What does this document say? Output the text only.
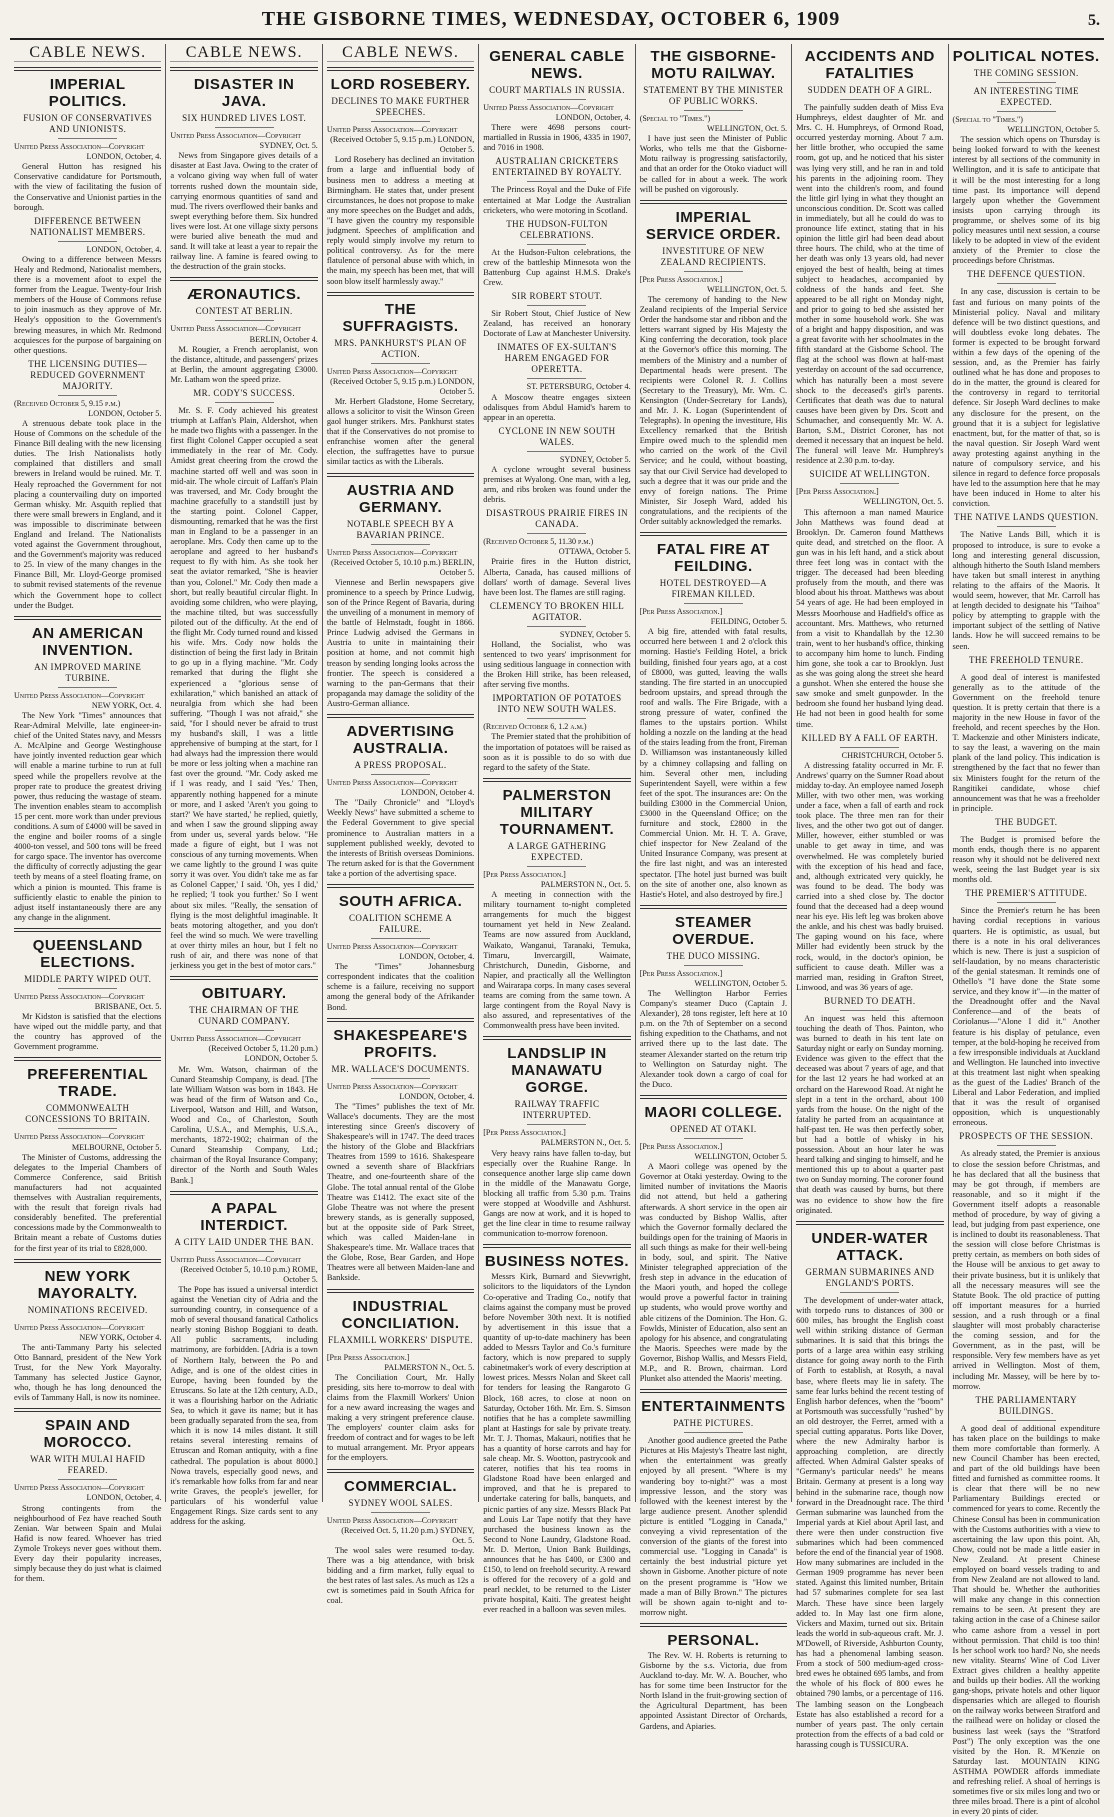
THE GISBORNE TIMES, WEDNESDAY, OCTOBER 6, 1909	5.
CABLE NEWS.
IMPERIAL POLITICS.
FUSION OF CONSERVATIVES AND UNIONISTS.
United Press Association—Copyright
LONDON, October, 4.

General Hutton has resigned his Conservative candidature for Portsmouth, with the view of facilitating the fusion of the Conservative and Unionist parties in the borough.

DIFFERENCE BETWEEN NATIONALIST MEMBERS.
LONDON, October, 4.

Owing to a difference between Messrs Healy and Redmond, Nationalist members, there is a movement afoot to expel the former from the League. Twenty-four Irish members of the House of Commons refuse to join inasmuch as they approve of Mr. Healy's opposition to the Government's brewing measures, in which Mr. Redmond acquiesces for the purpose of bargaining on other questions.

THE LICENSING DUTIES—REDUCED GOVERNMENT MAJORITY.
(Received October 5, 9.15 p.m.)
LONDON, October 5.

A strenuous debate took place in the House of Commons on the schedule of the Finance Bill dealing with the new licensing duties. The Irish Nationalists hotly complained that distillers and small brewers in Ireland would be ruined. Mr. T. Healy reproached the Government for not placing a countervailing duty on imported German whisky. Mr. Asquith replied that there were small brewers in England, and it was impossible to discriminate between England and Ireland. The Nationalists voted against the Government throughout, and the Government's majority was reduced to 25. In view of the many changes in the Finance Bill, Mr. Lloyd-George promised to submit revised statements of the revenue which the Government hope to collect under the Budget.

AN AMERICAN INVENTION.
AN IMPROVED MARINE TURBINE.
United Press Association—Copyright
NEW YORK, Oct. 4.

The New York "Times" announces that Rear-Admiral Melville, late engineer-in-chief of the United States navy, and Messrs A. McAlpine and George Westinghouse have jointly invented reduction gear which will enable a marine turbine to run at full speed while the propellers revolve at the proper rate to produce the greatest driving power, thus reducing the wastage of steam. The invention enables steam to accomplish 15 per cent. more work than under previous conditions. A sum of £4000 will be saved in the engine and boiler rooms of a single 4000-ton vessel, and 500 tons will be freed for cargo space. The inventor has overcome the difficulty of correctly adjusting the gear teeth by means of a steel floating frame, on which a pinion is mounted. This frame is sufficiently elastic to enable the pinion to adjust itself instantaneously there are any any change in the alignment.

QUEENSLAND ELECTIONS.
MIDDLE PARTY WIPED OUT.
United Press Association—Copyright
BRISBANE, Oct. 5.

Mr Kidston is satisfied that the elections have wiped out the middle party, and that the country has approved of the Government programme.

PREFERENTIAL TRADE.
COMMONWEALTH CONCESSIONS TO BRITAIN.
United Press Association—Copyright
MELBOURNE, October 5.

The Minister of Customs, addressing the delegates to the Imperial Chambers of Commerce Conference, said British manufacturers had not acquainted themselves with Australian requirements, with the result that foreign rivals had considerably benefited. The preferential concessions made by the Commonwealth to Britain meant a rebate of Customs duties for the first year of its trial to £828,000.

NEW YORK MAYORALTY.
NOMINATIONS RECEIVED.
United Press Association—Copyright
NEW YORK, October 4.

The anti-Tammany Party his selected Otto Bannard, president of the New York Trust, for the New York Mayoralty. Tammany has selected Justice Gaynor, who, though he has long denounced the evils of Tammany Hall, is now its nominee.

SPAIN AND MOROCCO.
WAR WITH MULAI HAFID FEARED.
United Press Association—Copyright
LONDON, October, 4.

Strong contingents from the neighbourhood of Fez have reached South Zenian. War between Spain and Mulai Hafid is now feared. Whoever has tried Zymole Trokeys never goes without them. Every day their popularity increases, simply because they do just what is claimed for them.

CABLE NEWS.
DISASTER IN JAVA.
SIX HUNDRED LIVES LOST.
United Press Association—Copyright
SYDNEY, Oct. 5.

News from Singapore gives details of a disaster at East Java. Owing to the crater of a volcano giving way when full of water torrents rushed down the mountain side, carrying enormous quantities of sand and mud. The rivers overflowed their banks and swept everything before them. Six hundred lives were lost. At one village sixty persons were buried alive beneath the mud and sand. It will take at least a year to repair the railway line. A famine is feared owing to the destruction of the grain stocks.

ÆRONAUTICS.
CONTEST AT BERLIN.
United Press Association—Copyright
BERLIN, October 4.

M. Rougier, a French aeroplanist, won the distance, altitude, and passengers' prizes at Berlin, the amount aggregating £3000. Mr. Latham won the speed prize.

MR. CODY'S SUCCESS.

Mr. S. F. Cody achieved his greatest triumph at Laffan's Plain, Aldershot, when he made two flights with a passenger. In the first flight Colonel Capper occupied a seat immediately in the rear of Mr. Cody. Amidst great cheering from the crowd the machine started off well and was soon in mid-air. The whole circuit of Laffan's Plain was traversed, and Mr. Cody brought the machine gracefully to a standstill just by the starting point. Colonel Capper, dismounting, remarked that he was the first man in England to be a passenger in an aeroplane. Mrs. Cody then came up to the aeroplane and agreed to her husband's request to fly with him. As she took her seat the aviator remarked, "She is heavier than you, Colonel." Mr. Cody then made a short, but really beautiful circular flight. In avoiding some children, who were playing, the machine tilted, but was successfully piloted out of the difficulty. At the end of the flight Mr. Cody turned round and kissed his wife. Mrs. Cody now holds the distinction of being the first lady in Britain to go up in a flying machine. "Mr. Cody remarked that during the flight she experienced a "glorious sense of exhilaration," which banished an attack of neuralgia from which she had been suffering. "Though I was not afraid," she said, "for I should never be afraid to trust my husband's skill, I was a little apprehensive of bumping at the start, for I had always had the impression there would be more or less jolting when a machine ran fast over the ground. "Mr. Cody asked me if I was ready, and I said 'Yes.' Then, apparently nothing happened for a minute or more, and I asked 'Aren't you going to start?' We have started,' he replied, quietly, and when I saw the ground slipping away from under us, several yards below. "He made a figure of eight, but I was not conscious of any turning movements. When we came lightly to the ground I was quite sorry it was over. You didn't take me as far as Colonel Capper,' I said. 'Oh, yes I did,' he replied; 'I took you further.' So I went about six miles. "Really, the sensation of flying is the most delightful imaginable. It beats motoring altogether, and you don't feel the wind so much. We were travelling at over thirty miles an hour, but I felt no rush of air, and there was none of that jerkiness you get in the best of motor cars."

OBITUARY.
THE CHAIRMAN OF THE CUNARD COMPANY.
United Press Association—Copyright
(Received October 5, 11.20 p.m.) LONDON, October 5.

Mr. Wm. Watson, chairman of the Cunard Steamship Company, is dead. [The late William Watson was born in 1843. He was head of the firm of Watson and Co., Liverpool, Watson and Hill, and Watson, Wood and Co., of Charleston, South Carolina, U.S.A., and Memphis, U.S.A., merchants, 1872-1902; chairman of the Cunard Steamship Company, Ltd.; chairman of the Royal Insurance Company; director of the North and South Wales Bank.]

A PAPAL INTERDICT.
A CITY LAID UNDER THE BAN.
United Press Association—Copyright
(Received October 5, 10.10 p.m.) ROME, October 5.

The Pope has issued a universal interdict against the Venetian city of Adria and the surrounding country, in consequence of a mob of several thousand fanatical Catholics nearly stoning Bishop Boggiani to death. All public sacraments, including matrimony, are forbidden. [Adria is a town of Northern Italy, between the Po and Adige, and is one of the oldest cities in Europe, having been founded by the Etruscans. So late at the 12th century, A.D., it was a flourishing harbor on the Adriatic Sea, to which it gave its name; but it has been gradually separated from the sea, from which it is now 14 miles distant. It still retains several interesting remains of Etruscan and Roman antiquity, with a fine cathedral. The population is about 8000.] Nowa travels, especially good news, and it's remarkable how folks from far and near write Graves, the people's jeweller, for particulars of his wonderful value Engagement Rings. Size cards sent to any address for the asking.

CABLE NEWS.
LORD ROSEBERY.
DECLINES TO MAKE FURTHER SPEECHES.
United Press Association—Copyright
(Received October 5, 9.15 p.m.) LONDON, October 5.

Lord Rosebery has declined an invitation from a large and influential body of business men to address a meeting at Birmingham. He states that, under present circumstances, he does not propose to make any more speeches on the Budget and adds, "I have given the country my responsible judgment. Speeches of amplification and reply would simply involve my return to political controversy. As for the mere flatulence of personal abuse with which, in the main, my speech has been met, that will soon blow itself harmlessly away."

THE SUFFRAGISTS.
MRS. PANKHURST'S PLAN OF ACTION.
United Press Association—Copyright
(Received October 5, 9.15 p.m.) LONDON, October 5.

Mr. Herbert Gladstone, Home Secretary, allows a solicitor to visit the Winson Green gaol hunger strikers. Mrs. Pankhurst states that if the Conservatives do not promise to enfranchise women after the general election, the suffragettes have to pursue similar tactics as with the Liberals.

AUSTRIA AND GERMANY.
NOTABLE SPEECH BY A BAVARIAN PRINCE.
United Press Association—Copyright
(Received October 5, 10.10 p.m.) BERLIN, October 5.

Viennese and Berlin newspapers give prominence to a speech by Prince Ludwig, son of the Prince Regent of Bavaria, during the unveiling of a monument in memory of the battle of Helmstadt, fought in 1866. Prince Ludwig advised the Germans in Austria to unite in maintaining their position at home, and not commit high treason by sending longing looks across the frontier. The speech is considered a warning to the pan-Germans that their propaganda may damage the solidity of the Austro-German alliance.

ADVERTISING AUSTRALIA.
A PRESS PROPOSAL.
United Press Association—Copyright
LONDON, October 4.

The "Daily Chronicle" and "Lloyd's Weekly News" have submitted a scheme to the Federal Government to give special prominence to Australian matters in a supplement published weekly, devoted to the interests of British overseas Dominions. The return asked for is that the Government take a portion of the advertising space.

SOUTH AFRICA.
COALITION SCHEME A FAILURE.
United Press Association—Copyright
LONDON, October, 4.

The "Times" Johannesburg correspondent indicates that the coalition scheme is a failure, receiving no support among the general body of the Afrikander Bond.

SHAKESPEARE'S PROFITS.
MR. WALLACE'S DOCUMENTS.
United Press Association—Copyright
LONDON, October, 4.

The "Times" publishes the text of Mr. Wallace's documents. They are the most interesting since Green's discovery of Shakespeare's will in 1747. The deed traces the history of the Globe and Blackfriars Theatres from 1599 to 1616. Shakespeare owned a seventh share of Blackfriars Theatre, and one-fourteenth share of the Globe. The total annual rental of the Globe Theatre was £1412. The exact site of the Globe Theatre was not where the present brewery stands, as is generally supposed, but at the opposite side of Park Street, which was called Maiden-lane in Shakespeare's time. Mr. Wallace traces that the Globe, Rose, Bear Garden, and Hope Theatres were all between Maiden-lane and Bankside.

INDUSTRIAL CONCILIATION.
FLAXMILL WORKERS' DISPUTE.
[Per Press Association.]
PALMERSTON N., Oct. 5.

The Conciliation Court, Mr. Hally presiding, sits here to-morrow to deal with claims from the Flaxmill Workers' Union for a new award increasing the wages and making a very stringent preference clause. The employers' counter claim asks for freedom of contract and for wages to be left to mutual arrangement. Mr. Pryor appears for the employers.

COMMERCIAL.
SYDNEY WOOL SALES.
United Press Association—Copyright
(Received Oct. 5, 11.20 p.m.) SYDNEY, Oct. 5.

The wool sales were resumed to-day. There was a big attendance, with brisk bidding and a firm market, fully equal to the best rates of last sales. As much as 12s a cwt is sometimes paid in South Africa for coal.

GENERAL CABLE NEWS.
COURT MARTIALS IN RUSSIA.
United Press Association—Copyright
LONDON, October, 4.

There were 4698 persons court-martialled in Russia in 1906, 4335 in 1907, and 7016 in 1908.

AUSTRALIAN CRICKETERS ENTERTAINED BY ROYALTY.

The Princess Royal and the Duke of Fife entertained at Mar Lodge the Australian cricketers, who were motoring in Scotland.

THE HUDSON-FULTON CELEBRATIONS.

At the Hudson-Fulton celebrations, the crew of the battleship Minnesota won the Battenburg Cup against H.M.S. Drake's Crew.

SIR ROBERT STOUT.

Sir Robert Stout, Chief Justice of New Zealand, has received an honorary Doctorate of Law at Manchester University.

INMATES OF EX-SULTAN'S HAREM ENGAGED FOR OPERETTA.
ST. PETERSBURG, October 4.

A Moscow theatre engages sixteen odalisques from Abdul Hamid's harem to appear in an operetta.

CYCLONE IN NEW SOUTH WALES.
SYDNEY, October 5.

A cyclone wrought several business premises at Wyalong. One man, with a leg, arm, and ribs broken was found under the debris.

DISASTROUS PRAIRIE FIRES IN CANADA.
(Received October 5, 11.30 p.m.)
OTTAWA, October 5.

Prairie fires in the Hutton district, Alberta, Canada, has caused millions of dollars' worth of damage. Several lives have been lost. The flames are still raging.

CLEMENCY TO BROKEN HILL AGITATOR.
SYDNEY, October 5.

Holland, the Socialist, who was sentenced to two years' imprisonment for using seditious language in connection with the Broken Hill strike, has been released, after serving five months.

IMPORTATION OF POTATOES INTO NEW SOUTH WALES.
(Received October 6, 1.2 a.m.)

The Premier stated that the prohibition of the importation of potatoes will be raised as soon as it is possible to do so with due regard to the safety of the State.

PALMERSTON MILITARY TOURNAMENT.
A LARGE GATHERING EXPECTED.
[Per Press Association.]
PALMERSTON N., Oct. 5.

A meeting in connection with the military tournament to-night completed arrangements for much the biggest tournament yet held in New Zealand. Teams are now assured from Auckland, Waikato, Wanganui, Taranaki, Temuka, Timaru, Invercargill, Waimate, Christchurch, Dunedin, Gisborne, and Napier, and practically all the Wellington and Wairarapa corps. In many cases several teams are coming from the same town. A large contingent from the Royal Navy is also assured, and representatives of the Commonwealth press have been invited.

LANDSLIP IN MANAWATU GORGE.
RAILWAY TRAFFIC INTERRUPTED.
[Per Press Association.]
PALMERSTON N., Oct. 5.

Very heavy rains have fallen to-day, but especially over the Ruahine Range. In consequence another large slip came down in the middle of the Manawatu Gorge, blocking all traffic from 5.30 p.m. Trains were stopped at Woodville and Ashhurst. Gangs are now at work, and it is hoped to get the line clear in time to resume railway communication to-morrow forenoon.

BUSINESS NOTES.

Messrs Kirk, Burnard and Sievwright, solicitors to the liquidators of the Lyndon Co-operative and Trading Co., notify that claims against the company must be proved before November 30th next. It is notified by advertisement in this issue that a quantity of up-to-date machinery has been added to Messrs Taylor and Co.'s furniture factory, which is now prepared to supply cabinetmaker's work of every description at lowest prices. Messrs Nolan and Skeet call for tenders for leasing the Rangaroto G Block, 168 acres, to close at noon on Saturday, October 16th. Mr. Ern. S. Simson notifies that he has a complete sawmilling plant at Hastings for sale by private treaty. Mr. T. J. Thomas, Makauri, notifies that he has a quantity of horse carrots and hay for sale cheap. Mr. S. Wootton, pastrycook and caterer, notifies that his tea rooms in Gladstone Road have been enlarged and improved, and that he is prepared to undertake catering for balls, banquets, and picnic parties of any size. Messrs Black Pat and Louis Lar Tape notify that they have purchased the business known as the Second to None Laundry, Gladstone Road. Mr. D. Merton, Union Bank Buildings, announces that he has £400, or £300 and £150, to lend on freehold security. A reward is offered for the recovery of a gold and pearl necklet, to be returned to the Lister private hospital, Kaiti. The greatest height ever reached in a balloon was seven miles.

THE GISBORNE-MOTU RAILWAY.
STATEMENT BY THE MINISTER OF PUBLIC WORKS.
(Special to "Times.")
WELLINGTON, Oct. 5.

I have just seen the Minister of Public Works, who tells me that the Gisborne-Motu railway is progressing satisfactorily, and that an order for the Otoko viaduct will be called for in about a week. The work will be pushed on vigorously.

IMPERIAL SERVICE ORDER.
INVESTITURE OF NEW ZEALAND RECIPIENTS.
[Per Press Association.]
WELLINGTON, Oct. 5.

The ceremony of handing to the New Zealand recipients of the Imperial Service Order the handsome star and ribbon and the letters warrant signed by His Majesty the King conferring the decoration, took place at the Governor's office this morning. The members of the Ministry and a number of Departmental heads were present. The recipients were Colonel R. J. Collins (Secretary to the Treasury), Mr. Wm. C. Kensington (Under-Secretary for Lands), and Mr. J. K. Logan (Superintendent of Telegraphs). In opening the investiture, His Excellency remarked that the British Empire owed much to the splendid men who carried on the work of the Civil Service; and he could, without boasting, say that our Civil Service had developed to such a degree that it was our pride and the envy of foreign nations. The Prime Minister, Sir Joseph Ward, added his congratulations, and the recipients of the Order suitably acknowledged the remarks.

FATAL FIRE AT FEILDING.
HOTEL DESTROYED—A FIREMAN KILLED.
[Per Press Association.]
FEILDING, October 5.

A big fire, attended with fatal results, occurred here between 1 and 2 o'clock this morning. Hastie's Feilding Hotel, a brick building, finished four years ago, at a cost of £8000, was gutted, leaving the walls standing. The fire started in an unoccupied bedroom upstairs, and spread through the roof and walls. The Fire Brigade, with a strong pressure of water, confined the flames to the upstairs portion. Whilst holding a nozzle on the landing at the head of the stairs leading from the front, Fireman D. Williamson was instantaneously killed by a chimney collapsing and falling on him. Several other men, including Superintendent Sayell, were within a few feet of the spot. The insurances are: On the building £3000 in the Commercial Union, £3000 in the Queensland Office; on the furniture and stock, £2800 in the Commercial Union. Mr. H. T. A. Grave, chief inspector for New Zealand of the United Insurance Company, was present at the fire last night, and was an interested spectator. [The hotel just burned was built on the site of another one, also known as Hastie's Hotel, and also destroyed by fire.]

STEAMER OVERDUE.
THE DUCO MISSING.
[Per Press Association.]
WELLINGTON, October 5.

The Wellington Harbor Ferries Company's steamer Duco (Captain J. Alexander), 28 tons register, left here at 10 p.m. on the 7th of September on a second fishing expedition to the Chathams, and not arrived there up to the last date. The steamer Alexander started on the return trip to Wellington on Saturday night. The Alexander took down a cargo of coal for the Duco.

MAORI COLLEGE.
OPENED AT OTAKI.
[Per Press Association.]
WELLINGTON, October 5.

A Maori college was opened by the Governor at Otaki yesterday. Owing to the limited number of invitations the Maoris did not attend, but held a gathering afterwards. A short service in the open air was conducted by Bishop Wallis, after which the Governor formally declared the buildings open for the training of Maoris in all such things as make for their well-being in body, soul, and spirit. The Native Minister telegraphed appreciation of the fresh step in advance in the education of the Maori youth, and hoped the college would prove a powerful factor in training up students, who would prove worthy and able citizens of the Dominion. The Hon. G. Fowlds, Minister of Education, also sent an apology for his absence, and congratulating the Maoris. Speeches were made by the Governor, Bishop Wallis, and Messrs Field, M.P., and R. Brown, chairman. Lord Plunket also attended the Maoris' meeting.

ENTERTAINMENTS
PATHE PICTURES.

Another good audience greeted the Pathe Pictures at His Majesty's Theatre last night, when the entertainment was greatly enjoyed by all present. "Where is my wandering boy to-night?" was a most impressive lesson, and the story was followed with the keenest interest by the large audience present. Another splendid picture is entitled "Logging in Canada," conveying a vivid representation of the conversion of the giants of the forest into commercial use. "Logging in Canada" is certainly the best industrial picture yet shown in Gisborne. Another picture of note on the present programme is "How we made a man of Billy Brown." The pictures will be shown again to-night and to-morrow night.

PERSONAL.

The Rev. W. H. Roberts is returning to Gisborne by the s.s. Victoria, due from Auckland to-day. Mr. W. A. Boucher, who has for some time been Instructor for the North Island in the fruit-growing section of the Agricultural Department, has been appointed Assistant Director of Orchards, Gardens, and Apiaries.

ACCIDENTS AND FATALITIES
SUDDEN DEATH OF A GIRL.

The painfully sudden death of Miss Eva Humphreys, eldest daughter of Mr. and Mrs. C. H. Humphreys, of Ormond Road, occurred yesterday morning. About 7 a.m. her little brother, who occupied the same room, got up, and he noticed that his sister was lying very still, and he ran in and told his parents in the adjoining room. They went into the children's room, and found the little girl lying in what they thought an unconscious condition. Dr. Scott was called in immediately, but all he could do was to pronounce life extinct, stating that in his opinion the little girl had been dead about three hours. The child, who at the time of her death was only 13 years old, had never enjoyed the best of health, being at times subject to headaches, accompanied by coldness of the hands and feet. She appeared to be all right on Monday night, and prior to going to bed she assisted her mother in some household work. She was of a bright and happy disposition, and was a great favorite with her schoolmates in the fifth standard at the Gisborne School. The flag at the school was flown at half-mast yesterday on account of the sad occurrence, which has naturally been a most severe shock to the deceased's girl's parents. Certificates that death was due to natural causes have been given by Drs. Scott and Schumacher, and consequently Mr. W. A. Barton, S.M., District Coroner, has not deemed it necessary that an inquest be held. The funeral will leave Mr. Humphrey's residence at 2.30 p.m. to-day.

SUICIDE AT WELLINGTON.
[Per Press Association.]
WELLINGTON, Oct. 5.

This afternoon a man named Maurice John Matthews was found dead at Brooklyn. Dr. Cameron found Matthews quite dead, and stretched on the floor. A gun was in his left hand, and a stick about three feet long was in contact with the trigger. The deceased had been bleeding profusely from the mouth, and there was blood about his throat. Matthews was about 54 years of age. He had been employed in Messrs Moorhouse and Hadfield's office as accountant. Mrs. Matthews, who returned from a visit to Khandallah by the 12.30 train, went to her husband's office, thinking to accompany him home to lunch. Finding him gone, she took a car to Brooklyn. Just as she was going along the street she heard a gunshot. When she entered the house she saw smoke and smelt gunpowder. In the bedroom she found her husband lying dead. He had not been in good health for some time.

KILLED BY A FALL OF EARTH.
CHRISTCHURCH, October 5.

A distressing fatality occurred in Mr. F. Andrews' quarry on the Sumner Road about midday to-day. An employee named Joseph Miller, with two other men, was working under a face, when a fall of earth and rock took place. The three men ran for their lives, and the other two got out of danger. Miller, however, either stumbled or was unable to get away in time, and was overwhelmed. He was completely buried with the exception of his head and face, and, although extricated very quickly, he was found to be dead. The body was carried into a shed close by. The doctor found that the deceased had a deep wound near his eye. His left leg was broken above the ankle, and his chest was badly bruised. The gaping wound on his face, where Miller had evidently been struck by the rock, would, in the doctor's opinion, be sufficient to cause death. Miller was a married man, residing in Grafton Street, Linwood, and was 36 years of age.

BURNED TO DEATH.

An inquest was held this afternoon touching the death of Thos. Painton, who was burned to death in his tent late on Saturday night or early on Sunday morning. Evidence was given to the effect that the deceased was about 7 years of age, and that for the last 12 years he had worked at an orchard on the Harewood Road. At night he slept in a tent in the orchard, about 100 yards from the house. On the night of the fatality he parted from an acquaintance at half-past ten. He was then perfectly sober, but had a bottle of whisky in his possession. About an hour later he was heard talking and singing to himself, and he mentioned this up to about a quarter past two on Sunday morning. The coroner found that death was caused by burns, but there was no evidence to show how the fire originated.

UNDER-WATER ATTACK.
GERMAN SUBMARINES AND ENGLAND'S PORTS.

The development of under-water attack, with torpedo runs to distances of 300 or 600 miles, has brought the English coast well within striking distance of German submarines. It is said that this brings the ports of a large area within easy striking distance for going away north to the Firth of Forth to establish, at Rosyth, a naval base, where fleets may lie in safety. The same fear lurks behind the recent testing of English harbor defences, when the "boom" at Portsmouth was successfully "rushed" by an old destroyer, the Ferret, armed with a special cutting apparatus. Ports like Dover, where the new Admiralty harbor is approaching completion, are directly affected. When Admiral Galster speaks of "Germany's particular needs" he means Britain. Germany at present is a long way behind in the submarine race, though now forward in the Dreadnought race. The third German submarine was launched from the Imperial yards at Kiel about April last, and there were then under construction five submarines which had been commenced before the end of the financial year of 1908. How many submarines are included in the German 1909 programme has never been stated. Against this limited number, Britain had 57 submarines complete for sea last March. These have since been largely added to. In May last one firm alone, Vickers and Maxim, turned out six. Britain leads the world in sub-aqueous craft. Mr. J. M'Dowell, of Riverside, Ashburton County, has had a phenomenal lambing season. From a stock of 500 medium-aged cross-bred ewes he obtained 695 lambs, and from the whole of his flock of 800 ewes he obtained 790 lambs, or a percentage of 116. The lambing season on the Longbeach Estate has also established a record for a number of years past. The only certain protection from the effects of a bad cold or harassing cough is TUSSICURA.

POLITICAL NOTES.
THE COMING SESSION.
AN INTERESTING TIME EXPECTED.
(Special to "Times.")
WELLINGTON, October 5.

The session which opens on Thursday is being looked forward to with the keenest interest by all sections of the community in Wellington, and it is safe to anticipate that it will be the most interesting for a long time past. Its importance will depend largely upon whether the Government insists upon carrying through its programme, or shelves some of its big policy measures until next session, a course likely to be adopted in view of the evident anxiety of the Premier to close the proceedings before Christmas.

THE DEFENCE QUESTION.

In any case, discussion is certain to be fast and furious on many points of the Ministerial policy. Naval and military defence will be two distinct questions, and will doubtless evoke long debates. The former is expected to be brought forward within a few days of the opening of the session, and, as the Premier has fairly outlined what he has done and proposes to do in the matter, the ground is cleared for the controversy in regard to territorial defence. Sir Joseph Ward declines to make any disclosure for the present, on the ground that it is a subject for legislative enactment, but, for the matter of that, so is the naval question. Sir Joseph Ward went away protesting against anything in the nature of compulsory service, and his silence in regard to defence force proposals have led to the assumption here that he may have been induced in Home to alter his conviction.

THE NATIVE LANDS QUESTION.

The Native Lands Bill, which it is proposed to introduce, is sure to evoke a long and interesting general discussion, although hitherto the South Island members have taken but small interest in anything relating to the affairs of the Maoris. It would seem, however, that Mr. Carroll has at length decided to designate his "Taihoa" policy by attempting to grapple with the important subject of the settling of Native lands. How he will succeed remains to be seen.

THE FREEHOLD TENURE.

A good deal of interest is manifested generally as to the attitude of the Government on the freehold tenure question. It is pretty certain that there is a majority in the new House in favor of the freehold, and recent speeches by the Hon. T. Mackenzie and other Ministers indicate, to say the least, a wavering on the main plank of the land policy. This indication is strengthened by the fact that no fewer than six Ministers fought for the return of the Rangitikei candidate, whose chief announcement was that he was a freeholder in principle.

THE BUDGET.

The Budget is promised before the month ends, though there is no apparent reason why it should not be delivered next week, seeing the last Budget year is six months old.

THE PREMIER'S ATTITUDE.

Since the Premier's return he has been having cordial receptions in various quarters. He is optimistic, as usual, but there is a note in his oral deliverances which is new. There is just a suspicion of self-laudation, by no means characteristic of the genial statesman. It reminds one of Othello's "I have done the State some service, and they know it"—in the matter of the Dreadnought offer and the Naval Conference—and of the beats of Coriolanus—"Alone I did it." Another feature is his display of petulance, even temper, at the bold-hoping he received from a few irresponsible individuals at Auckland and Wellington. He launched into invective at this treatment last night when speaking as the guest of the Ladies' Branch of the Liberal and Labor Federation, and implied that it was the result of organised opposition, which is unquestionably erroneous.

PROSPECTS OF THE SESSION.

As already stated, the Premier is anxious to close the session before Christmas, and he has declared that all the business that may be got through, if members are reasonable, and so it might if the Government itself adopts a reasonable method of procedure, by way of giving a lead, but judging from past experience, one is inclined to doubt its reasonableness. That the session will close before Christmas is pretty certain, as members on both sides of the House will be anxious to get away to their private business, but it is unlikely that all the necessary measures will see the Statute Book. The old practice of putting off important measures for a hurried session, and a rush through or a final slaughter will most probably characterise the coming session, and for the Government, as in the past, will be responsible. Very few members have as yet arrived in Wellington. Most of them, including Mr. Massey, will be here by to-morrow.

THE PARLIAMENTARY BUILDINGS.

A good deal of additional expenditure has taken place on the buildings to make them more comfortable than formerly. A new Council Chamber has been erected, and part of the old buildings have been fitted and furnished as committee rooms. It is clear that there will be no new Parliamentary Buildings erected or commenced for years to come. Recently the Chinese Consul has been in communication with the Customs authorities with a view to ascertaining the law upon this point. Ah, Chow, could not be made a little easier in New Zealand. At present Chinese employed on board vessels trading to and from New Zealand are not allowed to land. That should be. Whether the authorities will make any change in this connection remains to be seen. At present they are taking action in the case of a Chinese sailor who came ashore from a vessel in port without permission. That child is too thin! Is her school work too hard? No, she needs new vitality. Stearns' Wine of Cod Liver Extract gives children a healthy appetite and builds up their bodies. All the working gang-shops, private hotels and other liquor dispensaries which are alleged to flourish on the railway works between Stratford and the railhead were on holiday or closed the business last week (says the "Stratford Post") The only exception was the one visited by the Hon. R. M'Kenzie on Saturday last. MOUNTAIN KING ASTHMA POWDER affords immediate and refreshing relief. A shoal of herrings is sometimes five or six miles long and two or three miles broad. There is a pint of alcohol in every 20 pints of cider.
